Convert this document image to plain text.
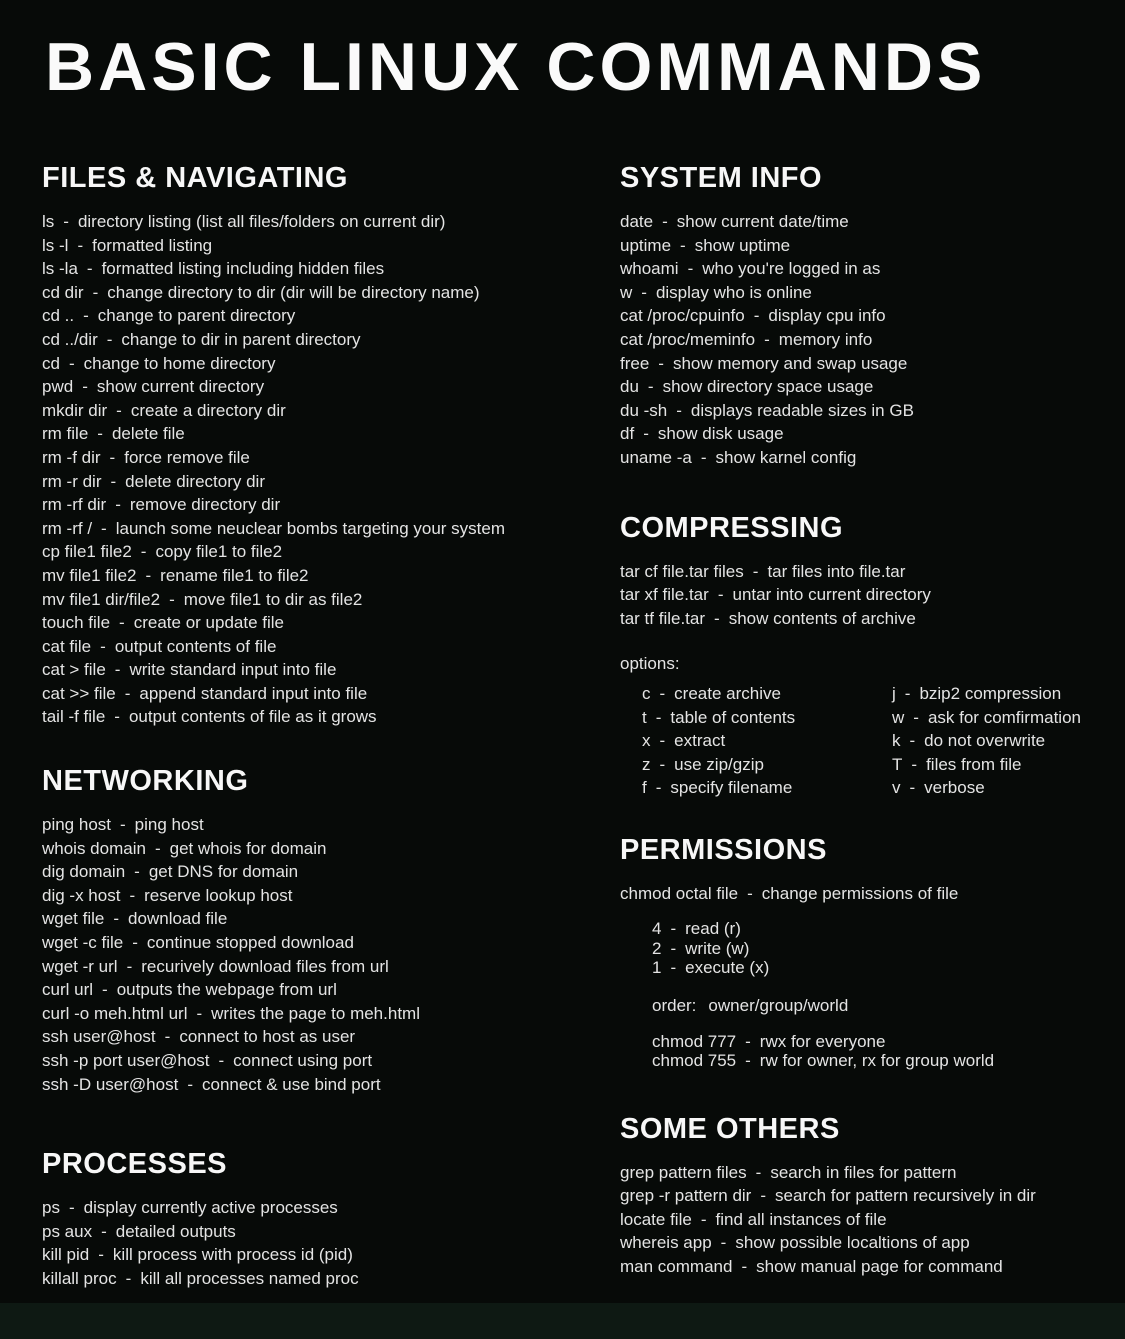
BASIC LINUX COMMANDS
FILES & NAVIGATING
ls - directory listing (list all files/folders on current dir)
ls -l - formatted listing
ls -la - formatted listing including hidden files
cd dir - change directory to dir (dir will be directory name)
cd .. - change to parent directory
cd ../dir - change to dir in parent directory
cd - change to home directory
pwd - show current directory
mkdir dir - create a directory dir
rm file - delete file
rm -f dir - force remove file
rm -r dir - delete directory dir
rm -rf dir - remove directory dir
rm -rf / - launch some neuclear bombs targeting your system
cp file1 file2 - copy file1 to file2
mv file1 file2 - rename file1 to file2
mv file1 dir/file2 - move file1 to dir as file2
touch file - create or update file
cat file - output contents of file
cat > file - write standard input into file
cat >> file - append standard input into file
tail -f file - output contents of file as it grows
NETWORKING
ping host - ping host
whois domain - get whois for domain
dig domain - get DNS for domain
dig -x host - reserve lookup host
wget file - download file
wget -c file - continue stopped download
wget -r url - recurively download files from url
curl url - outputs the webpage from url
curl -o meh.html url - writes the page to meh.html
ssh user@host - connect to host as user
ssh -p port user@host - connect using port
ssh -D user@host - connect & use bind port
PROCESSES
ps - display currently active processes
ps aux - detailed outputs
kill pid - kill process with process id (pid)
killall proc - kill all processes named proc
SYSTEM INFO
date - show current date/time
uptime - show uptime
whoami - who you're logged in as
w - display who is online
cat /proc/cpuinfo - display cpu info
cat /proc/meminfo - memory info
free - show memory and swap usage
du - show directory space usage
du -sh - displays readable sizes in GB
df - show disk usage
uname -a - show karnel config
COMPRESSING
tar cf file.tar files - tar files into file.tar
tar xf file.tar - untar into current directory
tar tf file.tar - show contents of archive
options:
c - create archive
t - table of contents
x - extract
z - use zip/gzip
f - specify filename
j - bzip2 compression
w - ask for comfirmation
k - do not overwrite
T - files from file
v - verbose
PERMISSIONS
chmod octal file - change permissions of file
4 - read (r)
2 - write (w)
1 - execute (x)
order: owner/group/world
chmod 777 - rwx for everyone
chmod 755 - rw for owner, rx for group world
SOME OTHERS
grep pattern files - search in files for pattern
grep -r pattern dir - search for pattern recursively in dir
locate file - find all instances of file
whereis app - show possible localtions of app
man command - show manual page for command
